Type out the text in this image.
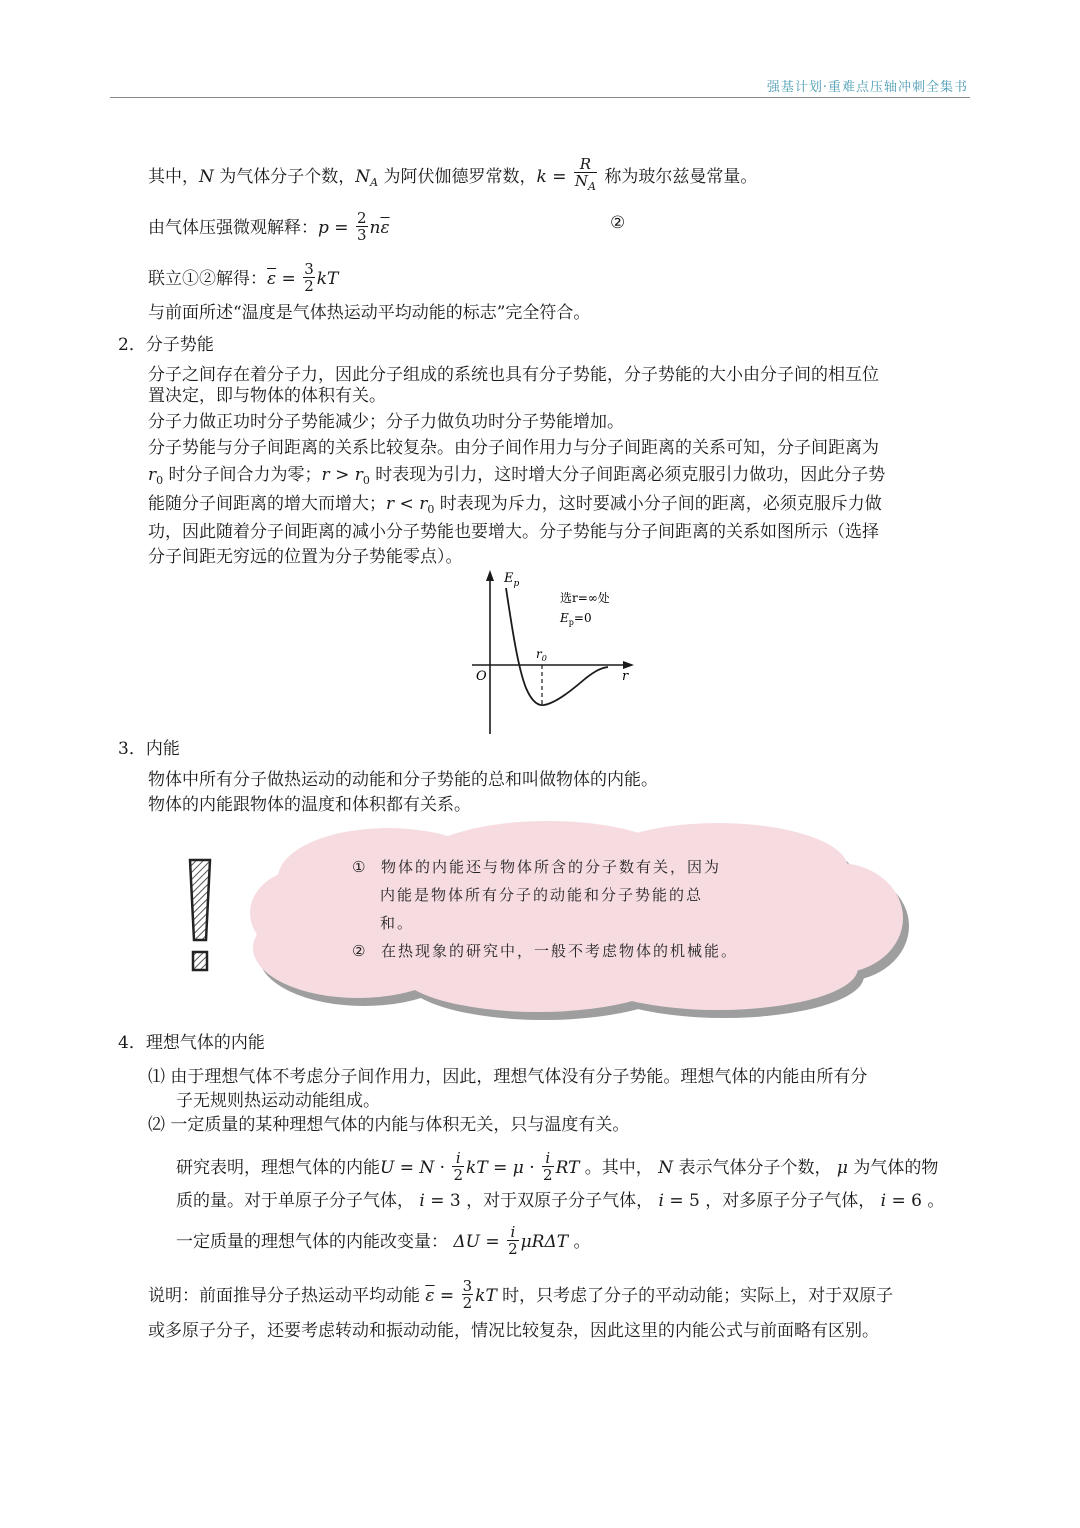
强基计划·重难点压轴冲刺全集书
其中，N 为气体分子个数，$N_A$ 为阿伏伽德罗常数，$k = \frac{R}{N_A}$ 称为玻尔兹曼常量。
由气体压强微观解释：$p = \frac{2}{3} n\overline{\varepsilon}$	②
联立①②解得：$\overline{\varepsilon} = \frac{3}{2}$ kT
与前面所述“温度是气体热运动平均动能的标志”完全符合。
2．分子势能
分子之间存在着分子力，因此分子组成的系统也具有分子势能，分子势能的大小由分子间的相互位
置决定，即与物体的体积有关。
分子力做正功时分子势能减少；分子力做负功时分子势能增加。
分子势能与分子间距离的关系比较复杂。由分子间作用力与分子间距离的关系可知，分子间距离为
$r_0$ 时分子间合力为零；$r > r_0$ 时表现为引力，这时增大分子间距离必须克服引力做功，因此分子势
能随分子间距离的增大而增大；$r < r_0$ 时表现为斥力，这时要减小分子间的距离，必须克服斥力做
功，因此随着分子间距离的减小分子势能也要增大。分子势能与分子间距离的关系如图所示（选择
分子间距无穷远的位置为分子势能零点）。
$E_p$
O	r
$r_0$
选r=∞处
$E_p=0$
3．内能
物体中所有分子做热运动的动能和分子势能的总和叫做物体的内能。
物体的内能跟物体的温度和体积都有关系。
① 物体的内能还与物体所含的分子数有关，因为
内能是物体所有分子的动能和分子势能的总
和。
② 在热现象的研究中，一般不考虑物体的机械能。
4．理想气体的内能
⑴ 由于理想气体不考虑分子间作用力，因此，理想气体没有分子势能。理想气体的内能由所有分
子无规则热运动动能组成。
⑵ 一定质量的某种理想气体的内能与体积无关，只与温度有关。
研究表明，理想气体的内能$U = N \cdot \frac{i}{2}$ kT = $\mu \cdot \frac{i}{2}$ RT 。其中， N 表示气体分子个数， μ 为气体的物
质的量。对于单原子分子气体， i = 3 ，对于双原子分子气体， i = 5 ，对多原子分子气体， i = 6 。
一定质量的理想气体的内能改变量： $\Delta U = \frac{i}{2}$ μRΔT 。
说明：前面推导分子热运动平均动能 $\overline{\varepsilon} = \frac{3}{2}$ kT 时，只考虑了分子的平动动能；实际上，对于双原子
或多原子分子，还要考虑转动和振动动能，情况比较复杂，因此这里的内能公式与前面略有区别。
